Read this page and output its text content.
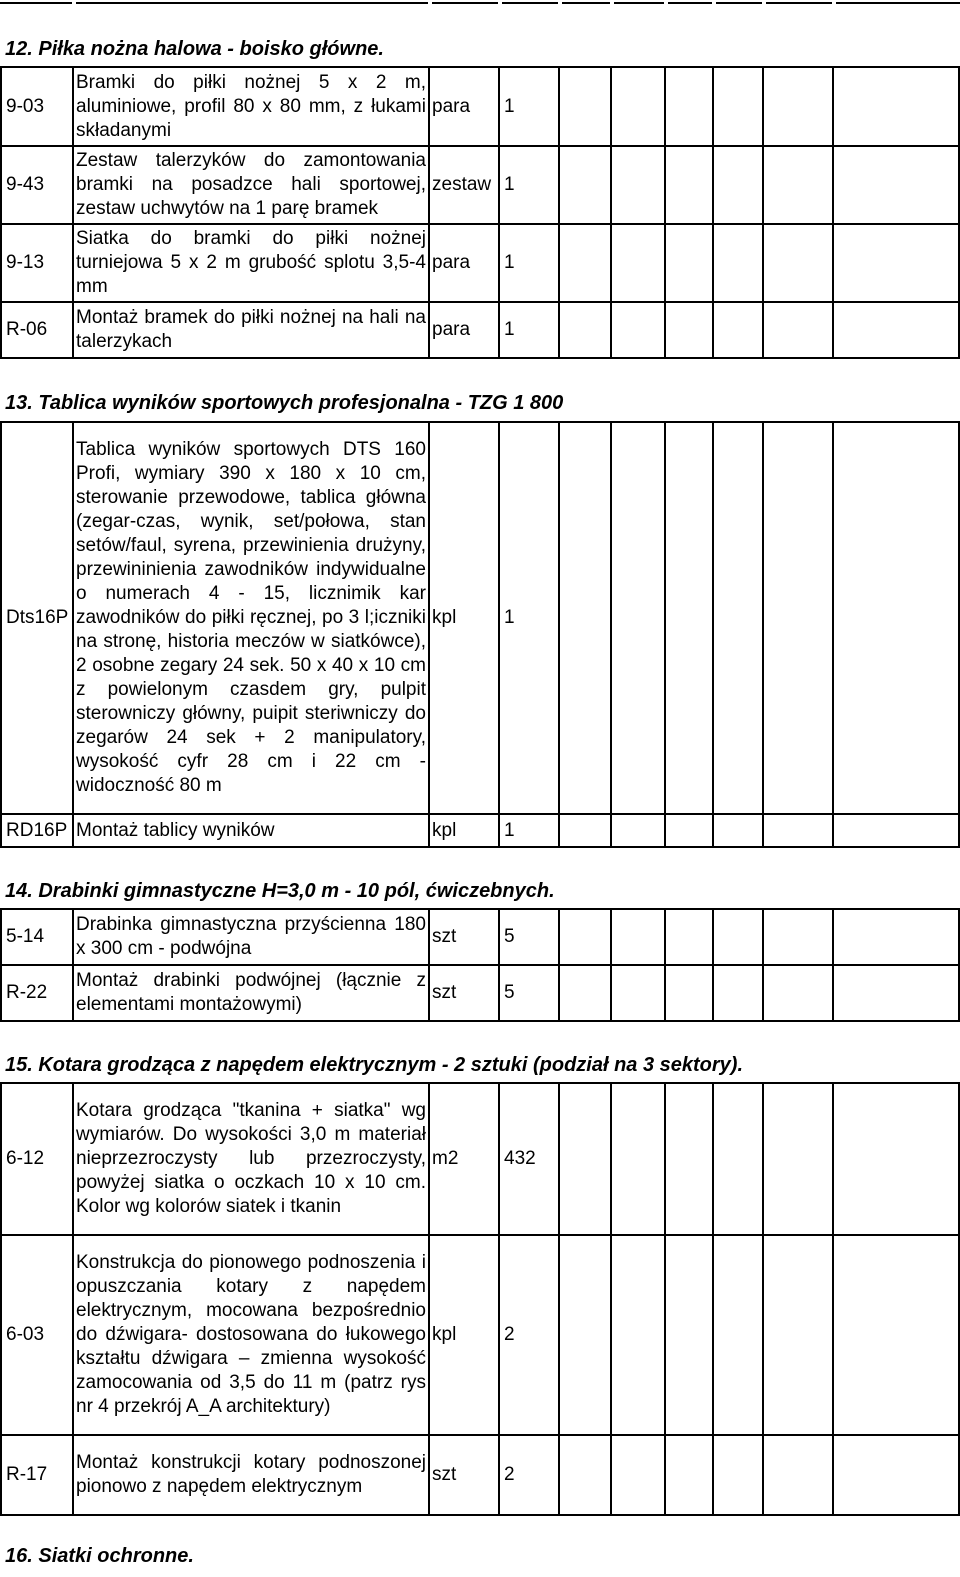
12. Piłka nożna halowa - boisko główne.
9-03	Bramki do piłki nożnej 5 x 2 m, aluminiowe, profil 80 x 80 mm, z łukami składanymi	para	1						
9-43	Zestaw talerzyków do zamontowania bramki na posadzce hali sportowej, zestaw uchwytów na 1 parę bramek	zestaw	1						
9-13	Siatka do bramki do piłki nożnej turniejowa 5 x 2 m grubość splotu 3,5-4 mm	para	1						
R-06	Montaż bramek do piłki nożnej na hali na talerzykach	para	1						
13. Tablica wyników sportowych profesjonalna - TZG 1 800
Dts16P	Tablica wyników sportowych DTS 160 Profi, wymiary 390 x 180 x 10 cm, sterowanie przewodowe, tablica główna (zegar-czas, wynik, set/połowa, stan setów/faul, syrena, przewinienia drużyny, przewininienia zawodników indywidualne o numerach 4 - 15, licznimik kar zawodników do piłki ręcznej, po 3 l;iczniki na stronę, historia meczów w siatkówce), 2 osobne zegary 24 sek. 50 x 40 x 10 cm z powielonym czasdem gry, pulpit sterowniczy główny, puipit steriwniczy do zegarów 24 sek + 2 manipulatory, wysokość cyfr 28 cm i 22 cm - widoczność 80 m	kpl	1						
RD16P	Montaż tablicy wyników	kpl	1						
14. Drabinki gimnastyczne H=3,0 m - 10 pól, ćwiczebnych.
5-14	Drabinka gimnastyczna przyścienna 180 x 300 cm - podwójna	szt	5						
R-22	Montaż drabinki podwójnej (łącznie z elementami montażowymi)	szt	5						
15. Kotara grodząca z napędem elektrycznym - 2 sztuki (podział na 3 sektory).
6-12	Kotara grodząca "tkanina + siatka" wg wymiarów. Do wysokości 3,0 m materiał nieprzezroczysty lub przezroczysty, powyżej siatka o oczkach 10 x 10 cm. Kolor wg kolorów siatek i tkanin	m2	432						
6-03	Konstrukcja do pionowego podnoszenia i opuszczania kotary z napędem elektrycznym, mocowana bezpośrednio do dźwigara- dostosowana do łukowego kształtu dźwigara – zmienna wysokość zamocowania od 3,5 do 11 m (patrz rys nr 4 przekrój A_A architektury)	kpl	2						
R-17	Montaż konstrukcji kotary podnoszonej pionowo z napędem elektrycznym	szt	2						
16. Siatki ochronne.
